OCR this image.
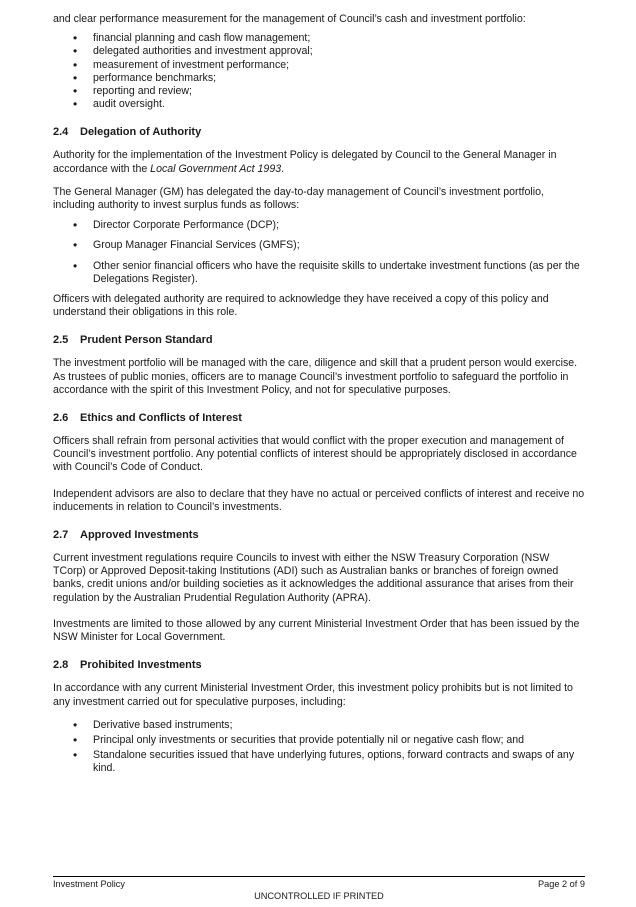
and clear performance measurement for the management of Council’s cash and investment portfolio:

• financial planning and cash flow management;
• delegated authorities and investment approval;
• measurement of investment performance;
• performance benchmarks;
• reporting and review;
• audit oversight.
2.4	Delegation of Authority

Authority for the implementation of the Investment Policy is delegated by Council to the General Manager in accordance with the Local Government Act 1993.

The General Manager (GM) has delegated the day-to-day management of Council’s investment portfolio, including authority to invest surplus funds as follows:

• Director Corporate Performance (DCP);
• Group Manager Financial Services (GMFS);
• Other senior financial officers who have the requisite skills to undertake investment functions (as per the Delegations Register).

Officers with delegated authority are required to acknowledge they have received a copy of this policy and understand their obligations in this role.

2.5	Prudent Person Standard

The investment portfolio will be managed with the care, diligence and skill that a prudent person would exercise. As trustees of public monies, officers are to manage Council’s investment portfolio to safeguard the portfolio in accordance with the spirit of this Investment Policy, and not for speculative purposes.

2.6	Ethics and Conflicts of Interest

Officers shall refrain from personal activities that would conflict with the proper execution and management of Council’s investment portfolio. Any potential conflicts of interest should be appropriately disclosed in accordance with Council’s Code of Conduct.

Independent advisors are also to declare that they have no actual or perceived conflicts of interest and receive no inducements in relation to Council’s investments.

2.7	Approved Investments

Current investment regulations require Councils to invest with either the NSW Treasury Corporation (NSW TCorp) or Approved Deposit-taking Institutions (ADI) such as Australian banks or branches of foreign owned banks, credit unions and/or building societies as it acknowledges the additional assurance that arises from their regulation by the Australian Prudential Regulation Authority (APRA).

Investments are limited to those allowed by any current Ministerial Investment Order that has been issued by the NSW Minister for Local Government.

2.8	Prohibited Investments

In accordance with any current Ministerial Investment Order, this investment policy prohibits but is not limited to any investment carried out for speculative purposes, including:

• Derivative based instruments;
• Principal only investments or securities that provide potentially nil or negative cash flow; and
• Standalone securities issued that have underlying futures, options, forward contracts and swaps of any kind.
Investment Policy	Page 2 of 9
UNCONTROLLED IF PRINTED
